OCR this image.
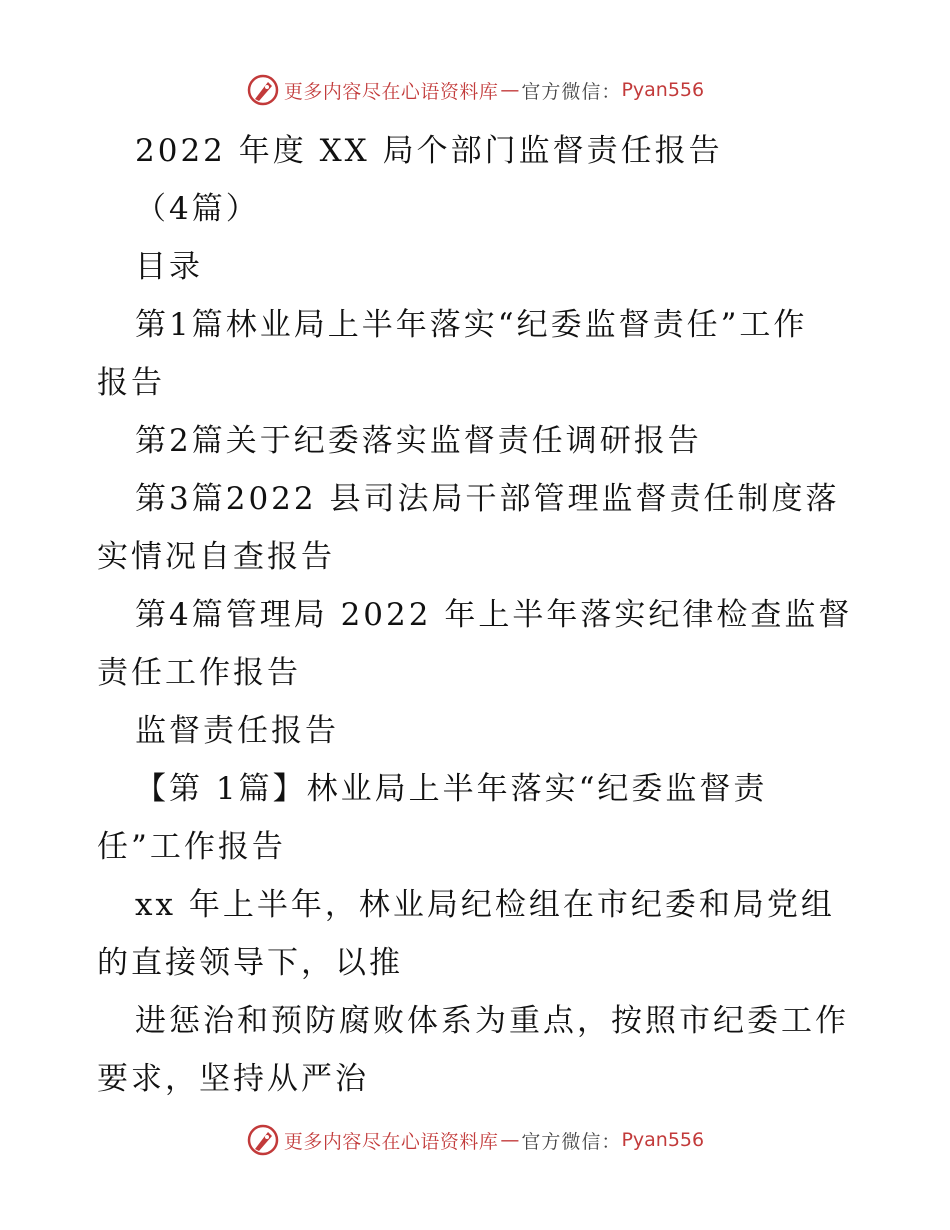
更多内容尽在心语资料库 — 官方微信： Pyan556

2022 年度 XX 局个部门监督责任报告

（4篇）

目录

第1篇林业局上半年落实“纪委监督责任”工作

报告

第2篇关于纪委落实监督责任调研报告

第3篇2022 县司法局干部管理监督责任制度落

实情况自查报告

第4篇管理局 2022 年上半年落实纪律检查监督

责任工作报告

监督责任报告

【第 1篇】林业局上半年落实“纪委监督责

任”工作报告

xx 年上半年，林业局纪检组在市纪委和局党组

的直接领导下，以推

进惩治和预防腐败体系为重点，按照市纪委工作

要求，坚持从严治

更多内容尽在心语资料库 — 官方微信： Pyan556
